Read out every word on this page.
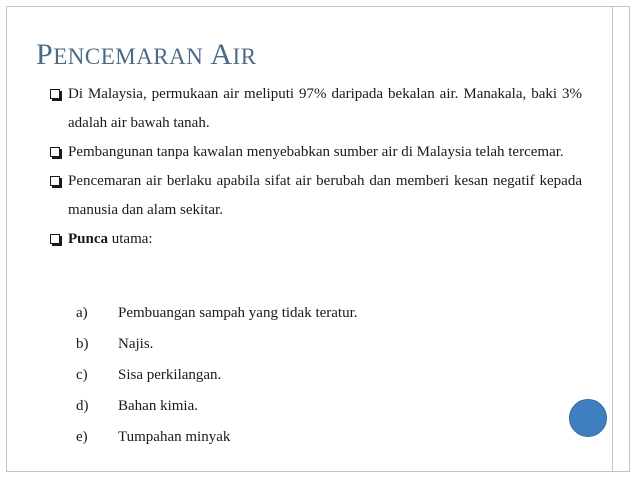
PENCEMARAN AIR
Di Malaysia, permukaan air meliputi 97% daripada bekalan air. Manakala, baki 3% adalah air bawah tanah.
Pembangunan tanpa kawalan menyebabkan sumber air di Malaysia telah tercemar.
Pencemaran air berlaku apabila sifat air berubah dan memberi kesan negatif kepada manusia dan alam sekitar.
Punca utama:
a)	Pembuangan sampah yang tidak teratur.
b)	Najis.
c)	Sisa perkilangan.
d)	Bahan kimia.
e)	Tumpahan minyak
